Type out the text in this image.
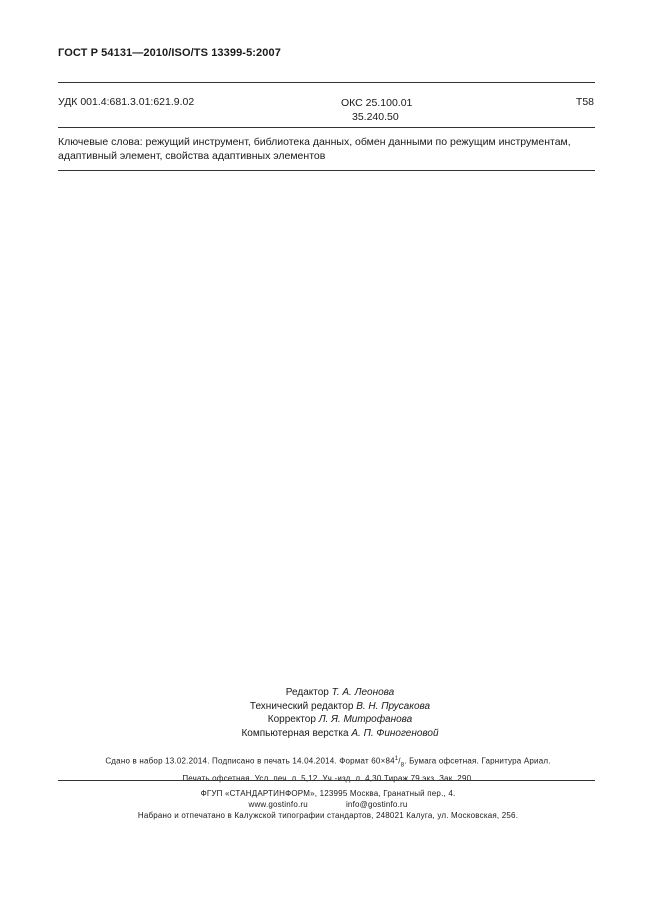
ГОСТ Р 54131—2010/ISO/TS 13399-5:2007
УДК 001.4:681.3.01:621.9.02	ОКС 25.100.01
35.240.50
Т58
Ключевые слова: режущий инструмент, библиотека данных, обмен данными по режущим инструментам,
адаптивный элемент, свойства адаптивных элементов
Редактор Т. А. Леонова
Технический редактор В. Н. Прусакова
Корректор Л. Я. Митрофанова
Компьютерная верстка А. П. Финогеновой
Сдано в набор 13.02.2014. Подписано в печать 14.04.2014. Формат $60\times 84^1/_8$. Бумага офсетная. Гарнитура Ариал.
Печать офсетная. Усл. печ. л. 5,12. Уч.-изд. л. 4,30 Тираж 79 экз. Зак. 290.
ФГУП «СТАНДАРТИНФОРМ», 123995 Москва, Гранатный пер., 4.
www.gostinfo.ru	info@gostinfo.ru
Набрано и отпечатано в Калужской типографии стандартов, 248021 Калуга, ул. Московская, 256.
